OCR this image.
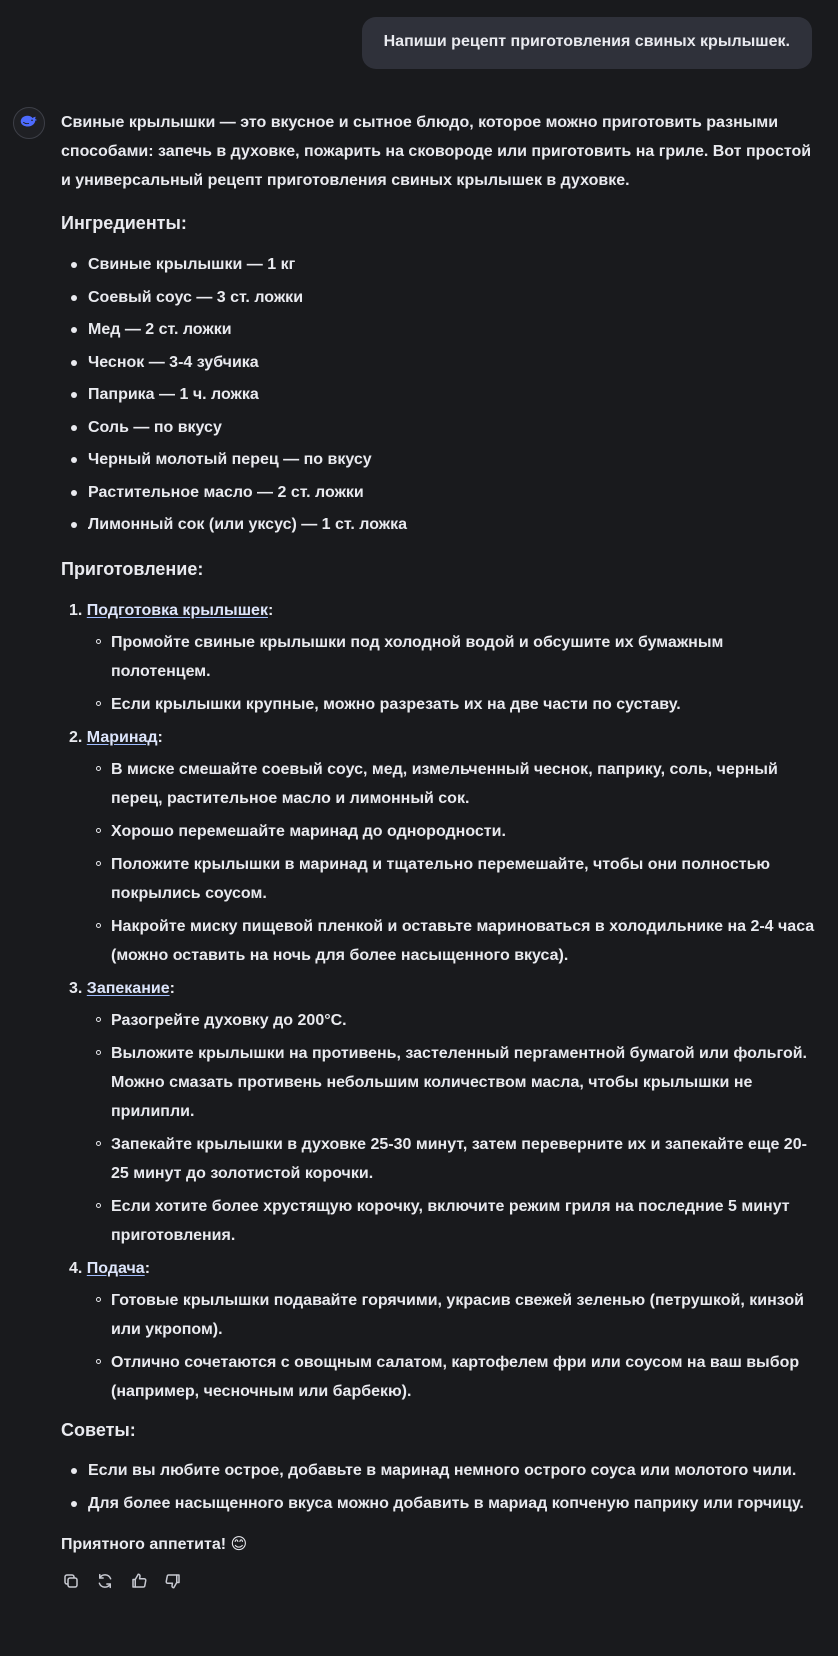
Напиши рецепт приготовления свиных крылышек.

Свиные крылышки — это вкусное и сытное блюдо, которое можно приготовить разными способами: запечь в духовке, пожарить на сковороде или приготовить на гриле. Вот простой и универсальный рецепт приготовления свиных крылышек в духовке.

Ингредиенты:
Свиные крылышки — 1 кг
Соевый соус — 3 ст. ложки
Мед — 2 ст. ложки
Чеснок — 3-4 зубчика
Паприка — 1 ч. ложка
Соль — по вкусу
Черный молотый перец — по вкусу
Растительное масло — 2 ст. ложки
Лимонный сок (или уксус) — 1 ст. ложка
Приготовление:
1. Подготовка крылышек:
Промойте свиные крылышки под холодной водой и обсушите их бумажным полотенцем.
Если крылышки крупные, можно разрезать их на две части по суставу.
2. Маринад:
В миске смешайте соевый соус, мед, измельченный чеснок, паприку, соль, черный перец, растительное масло и лимонный сок.
Хорошо перемешайте маринад до однородности.
Положите крылышки в маринад и тщательно перемешайте, чтобы они полностью покрылись соусом.
Накройте миску пищевой пленкой и оставьте мариноваться в холодильнике на 2-4 часа (можно оставить на ночь для более насыщенного вкуса).
3. Запекание:
Разогрейте духовку до 200°C.
Выложите крылышки на противень, застеленный пергаментной бумагой или фольгой. Можно смазать противень небольшим количеством масла, чтобы крылышки не прилипли.
Запекайте крылышки в духовке 25-30 минут, затем переверните их и запекайте еще 20-25 минут до золотистой корочки.
Если хотите более хрустящую корочку, включите режим гриля на последние 5 минут приготовления.
4. Подача:
Готовые крылышки подавайте горячими, украсив свежей зеленью (петрушкой, кинзой или укропом).
Отлично сочетаются с овощным салатом, картофелем фри или соусом на ваш выбор (например, чесночным или барбекю).
Советы:
Если вы любите острое, добавьте в маринад немного острого соуса или молотого чили.
Для более насыщенного вкуса можно добавить в мариад копченую паприку или горчицу.

Приятного аппетита! 😊
